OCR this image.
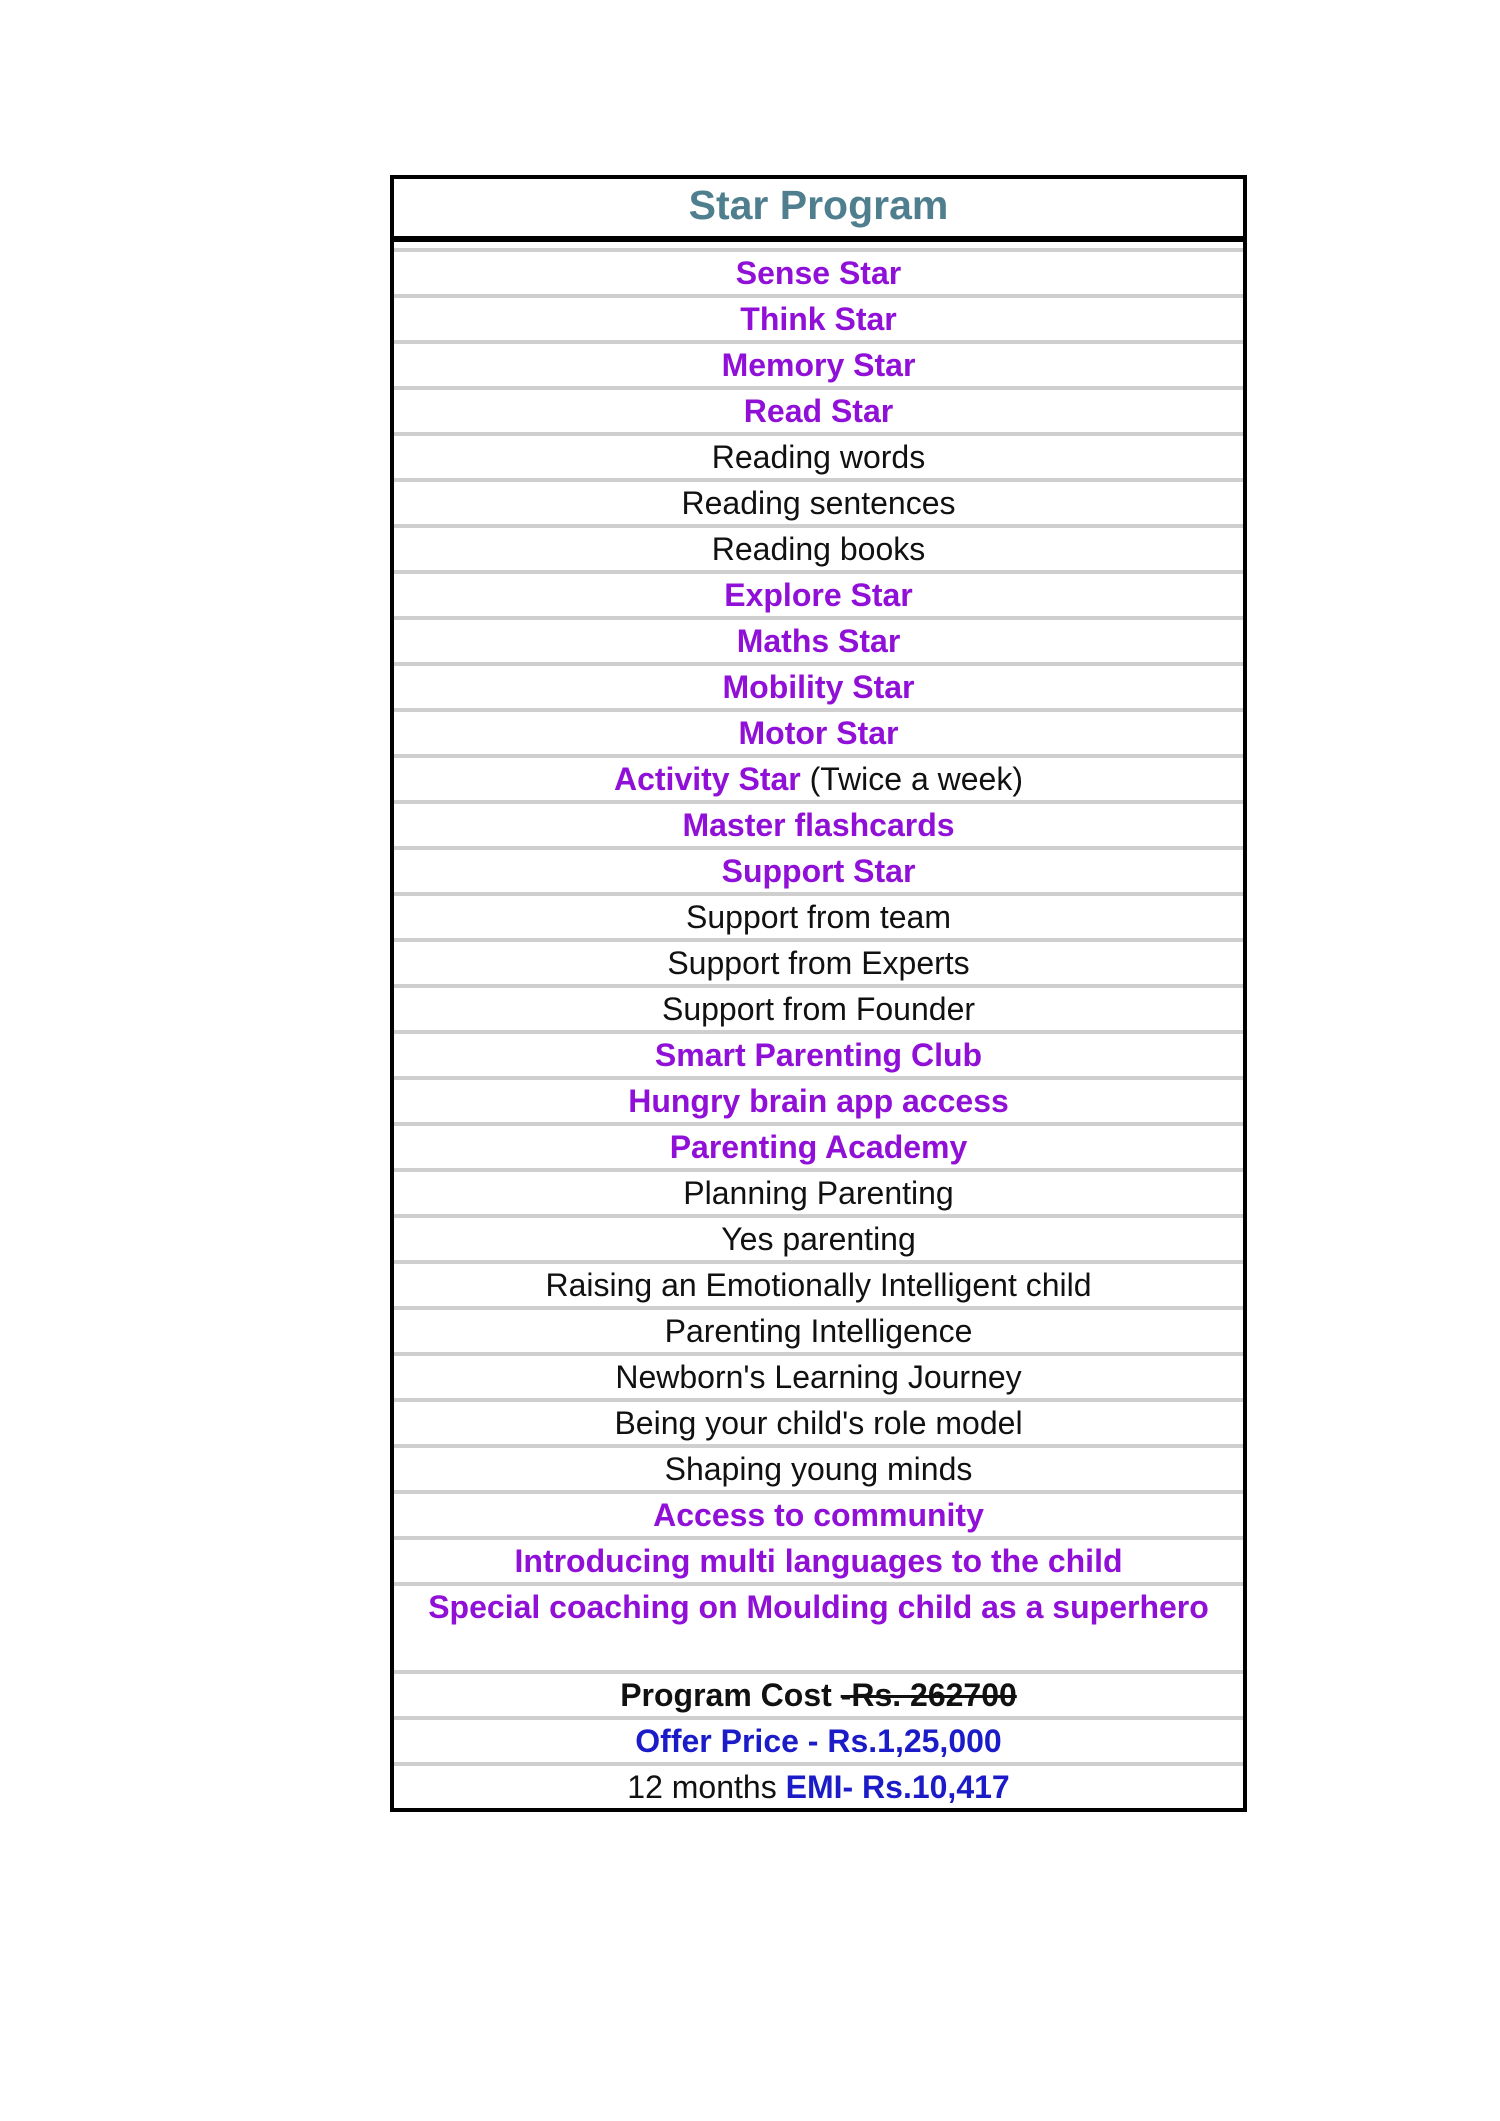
Star Program
Sense Star
Think Star
Memory Star
Read Star
Reading words
Reading sentences
Reading books
Explore Star
Maths Star
Mobility Star
Motor Star
Activity Star (Twice a week)
Master flashcards
Support Star
Support from team
Support from Experts
Support from Founder
Smart Parenting Club
Hungry brain app access
Parenting Academy
Planning Parenting
Yes parenting
Raising an Emotionally Intelligent child
Parenting Intelligence
Newborn's Learning Journey
Being your child's role model
Shaping young minds
Access to community
Introducing multi languages to the child
Special coaching on Moulding child as a superhero
Program Cost -Rs. 262700
Offer Price - Rs.1,25,000
12 months EMI- Rs.10,417
